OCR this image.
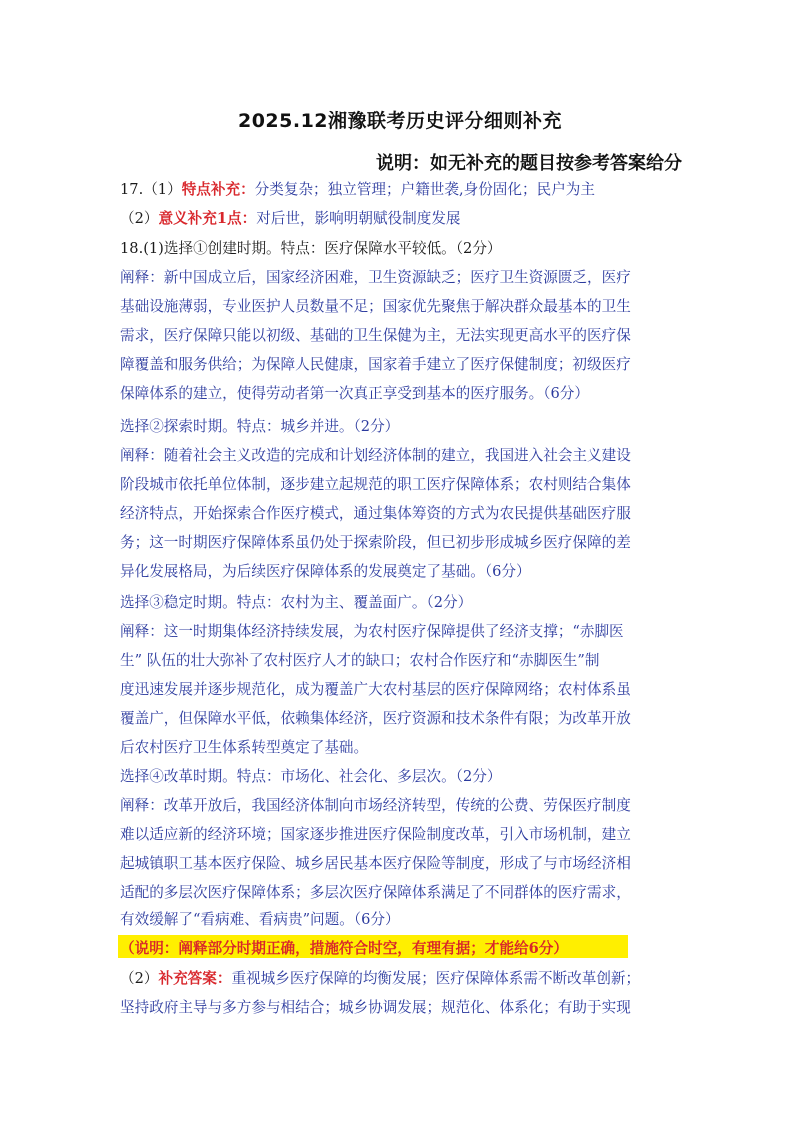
2025.12湘豫联考历史评分细则补充
说明：如无补充的题目按参考答案给分
17.（1）特点补充：分类复杂；独立管理；户籍世袭,身份固化；民户为主
（2）意义补充1点：对后世，影响明朝赋役制度发展
18.(1)选择①创建时期。特点：医疗保障水平较低。（2分）
阐释：新中国成立后，国家经济困难，卫生资源缺乏；医疗卫生资源匮乏，医疗
基础设施薄弱，专业医护人员数量不足；国家优先聚焦于解决群众最基本的卫生
需求，医疗保障只能以初级、基础的卫生保健为主，无法实现更高水平的医疗保
障覆盖和服务供给；为保障人民健康，国家着手建立了医疗保健制度；初级医疗
保障体系的建立，使得劳动者第一次真正享受到基本的医疗服务。（6分）
选择②探索时期。特点：城乡并进。（2分）
阐释：随着社会主义改造的完成和计划经济体制的建立，我国进入社会主义建设
阶段城市依托单位体制，逐步建立起规范的职工医疗保障体系；农村则结合集体
经济特点，开始探索合作医疗模式，通过集体筹资的方式为农民提供基础医疗服
务；这一时期医疗保障体系虽仍处于探索阶段，但已初步形成城乡医疗保障的差
异化发展格局，为后续医疗保障体系的发展奠定了基础。（6分）
选择③稳定时期。特点：农村为主、覆盖面广。（2分）
阐释：这一时期集体经济持续发展，为农村医疗保障提供了经济支撑；“赤脚医
生” 队伍的壮大弥补了农村医疗人才的缺口；农村合作医疗和“赤脚医生”制
度迅速发展并逐步规范化，成为覆盖广大农村基层的医疗保障网络；农村体系虽
覆盖广，但保障水平低，依赖集体经济，医疗资源和技术条件有限；为改革开放
后农村医疗卫生体系转型奠定了基础。
选择④改革时期。特点：市场化、社会化、多层次。（2分）
阐释：改革开放后，我国经济体制向市场经济转型，传统的公费、劳保医疗制度
难以适应新的经济环境；国家逐步推进医疗保险制度改革，引入市场机制，建立
起城镇职工基本医疗保险、城乡居民基本医疗保险等制度，形成了与市场经济相
适配的多层次医疗保障体系；多层次医疗保障体系满足了不同群体的医疗需求，
有效缓解了“看病难、看病贵”问题。（6分）
（说明：阐释部分时期正确，措施符合时空，有理有据；才能给6分）
（2）补充答案：重视城乡医疗保障的均衡发展；医疗保障体系需不断改革创新；
坚持政府主导与多方参与相结合；城乡协调发展；规范化、体系化；有助于实现
